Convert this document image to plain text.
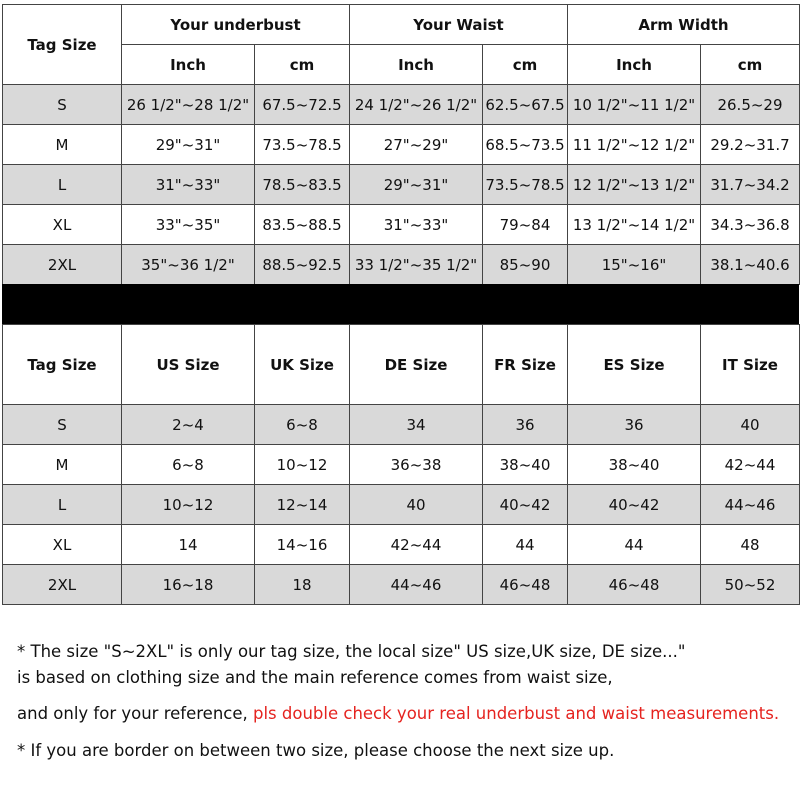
Tag Size	Your underbust		Your Waist		Arm Width	
	Inch	cm	Inch	cm	Inch	cm
S	26 1/2"~28 1/2"	67.5~72.5	24 1/2"~26 1/2"	62.5~67.5	10 1/2"~11 1/2"	26.5~29
M	29"~31"	73.5~78.5	27"~29"	68.5~73.5	11 1/2"~12 1/2"	29.2~31.7
L	31"~33"	78.5~83.5	29"~31"	73.5~78.5	12 1/2"~13 1/2"	31.7~34.2
XL	33"~35"	83.5~88.5	31"~33"	79~84	13 1/2"~14 1/2"	34.3~36.8
2XL	35"~36 1/2"	88.5~92.5	33 1/2"~35 1/2"	85~90	15"~16"	38.1~40.6
Tag Size	US Size	UK Size	DE Size	FR Size	ES Size	IT Size
S	2~4	6~8	34	36	36	40
M	6~8	10~12	36~38	38~40	38~40	42~44
L	10~12	12~14	40	40~42	40~42	44~46
XL	14	14~16	42~44	44	44	48
2XL	16~18	18	44~46	46~48	46~48	50~52
* The size "S~2XL" is only our tag size, the local size" US size,UK size, DE size..."
is based on clothing size and the main reference comes from waist size,
and only for your reference, pls double check your real underbust and waist measurements.
* If you are border on between two size, please choose the next size up.
